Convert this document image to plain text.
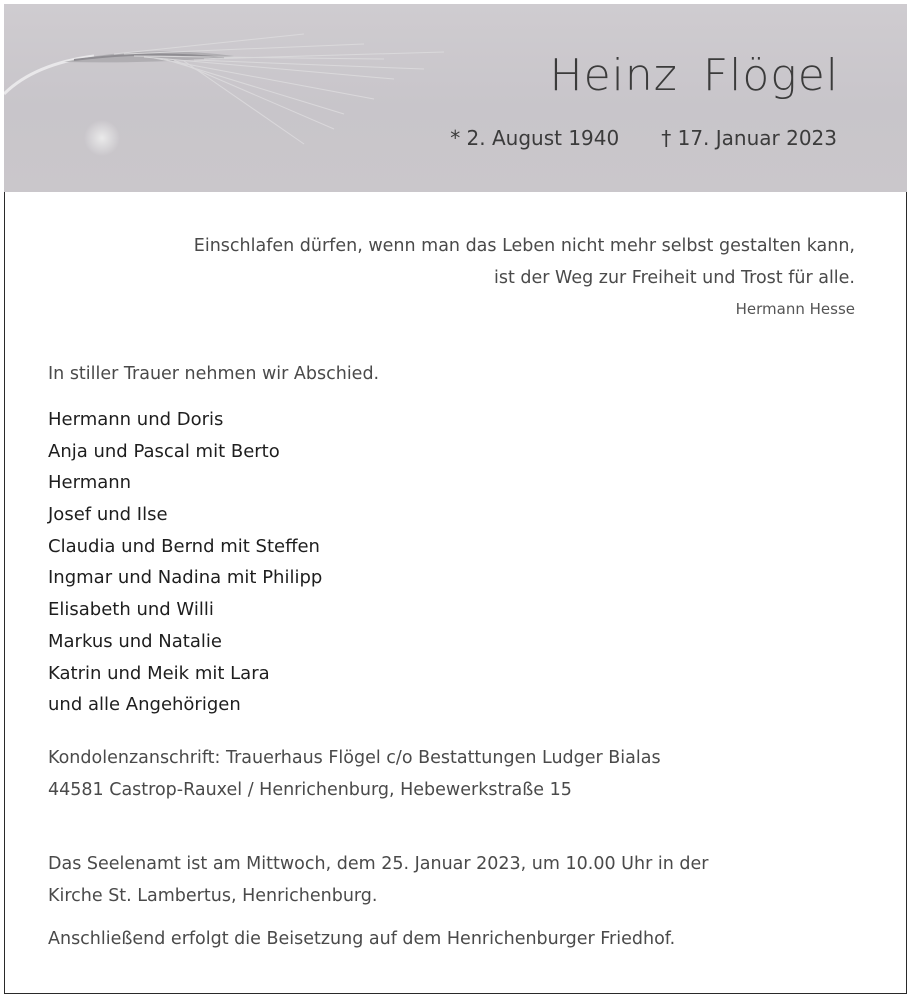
Heinz Flögel
* 2. August 1940 † 17. Januar 2023
Einschlafen dürfen, wenn man das Leben nicht mehr selbst gestalten kann,
ist der Weg zur Freiheit und Trost für alle.
Hermann Hesse
In stiller Trauer nehmen wir Abschied.
Hermann und Doris
Anja und Pascal mit Berto
Hermann
Josef und Ilse
Claudia und Bernd mit Steffen
Ingmar und Nadina mit Philipp
Elisabeth und Willi
Markus und Natalie
Katrin und Meik mit Lara
und alle Angehörigen
Kondolenzanschrift: Trauerhaus Flögel c/o Bestattungen Ludger Bialas
44581 Castrop-Rauxel / Henrichenburg, Hebewerkstraße 15
Das Seelenamt ist am Mittwoch, dem 25. Januar 2023, um 10.00 Uhr in der
Kirche St. Lambertus, Henrichenburg.
Anschließend erfolgt die Beisetzung auf dem Henrichenburger Friedhof.
